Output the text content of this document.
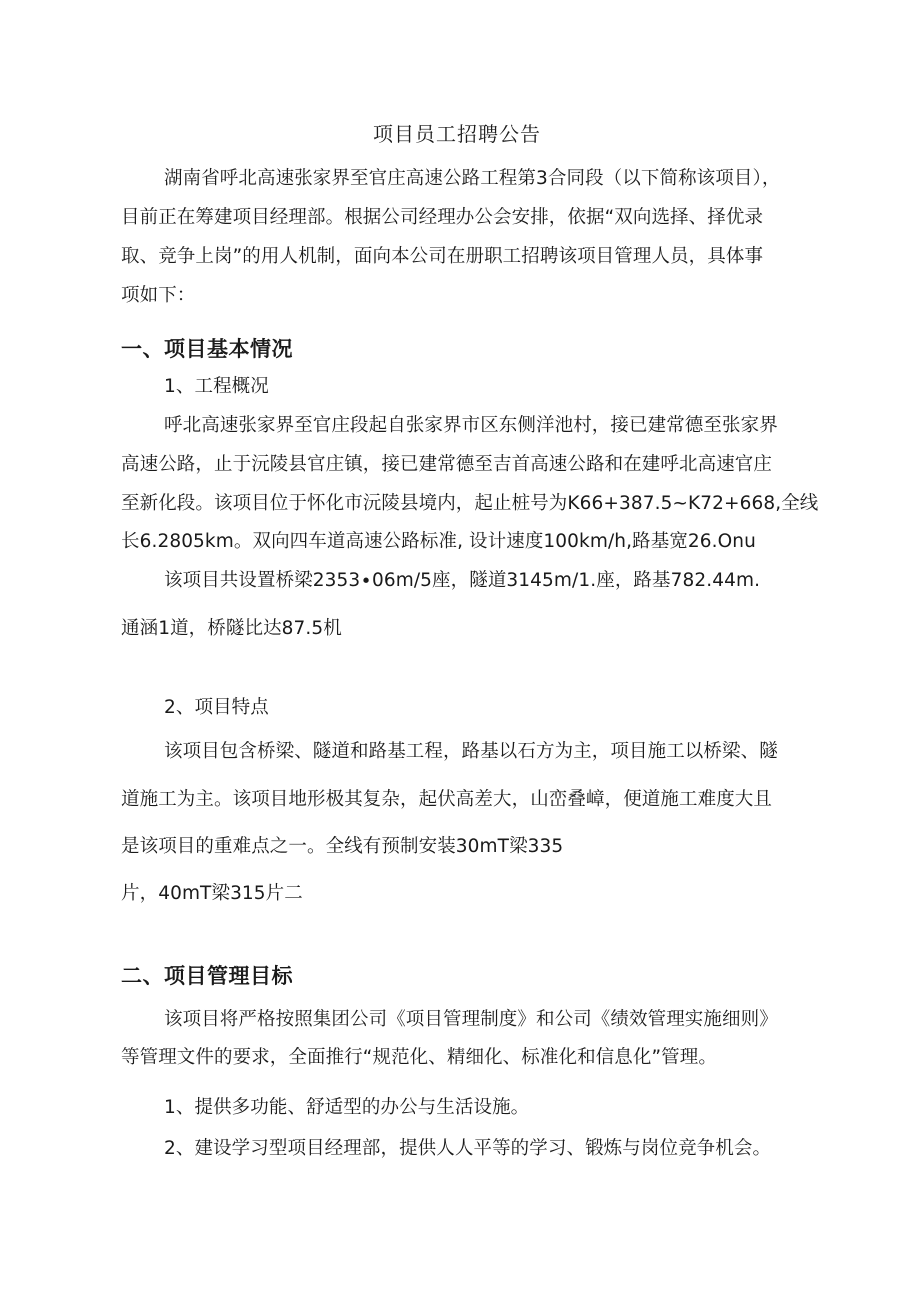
项目员工招聘公告
湖南省呼北高速张家界至官庄高速公路工程第3合同段（以下简称该项目），
目前正在筹建项目经理部。根据公司经理办公会安排，依据“双向选择、择优录
取、竞争上岗”的用人机制，面向本公司在册职工招聘该项目管理人员，具体事
项如下：
一、项目基本情况
1、工程概况
呼北高速张家界至官庄段起自张家界市区东侧洋池村，接已建常德至张家界
高速公路，止于沅陵县官庄镇，接已建常德至吉首高速公路和在建呼北高速官庄
至新化段。该项目位于怀化市沅陵县境内，起止桩号为K66+387.5~K72+668,全线
长6.2805km。双向四车道高速公路标准, 设计速度100km∕h,路基宽26.Onu
该项目共设置桥梁2353∙06m∕5座，隧道3145m∕1.座，路基782.44m.
通涵1道，桥隧比达87.5机
2、项目特点
该项目包含桥梁、隧道和路基工程，路基以石方为主，项目施工以桥梁、隧
道施工为主。该项目地形极其复杂，起伏高差大，山峦叠嶂，便道施工难度大且
是该项目的重难点之一。全线有预制安装30mT梁335
片，40mT梁315片二
二、项目管理目标
该项目将严格按照集团公司《项目管理制度》和公司《绩效管理实施细则》
等管理文件的要求，全面推行“规范化、精细化、标准化和信息化”管理。
1、提供多功能、舒适型的办公与生活设施。
2、建设学习型项目经理部，提供人人平等的学习、锻炼与岗位竞争机会。
